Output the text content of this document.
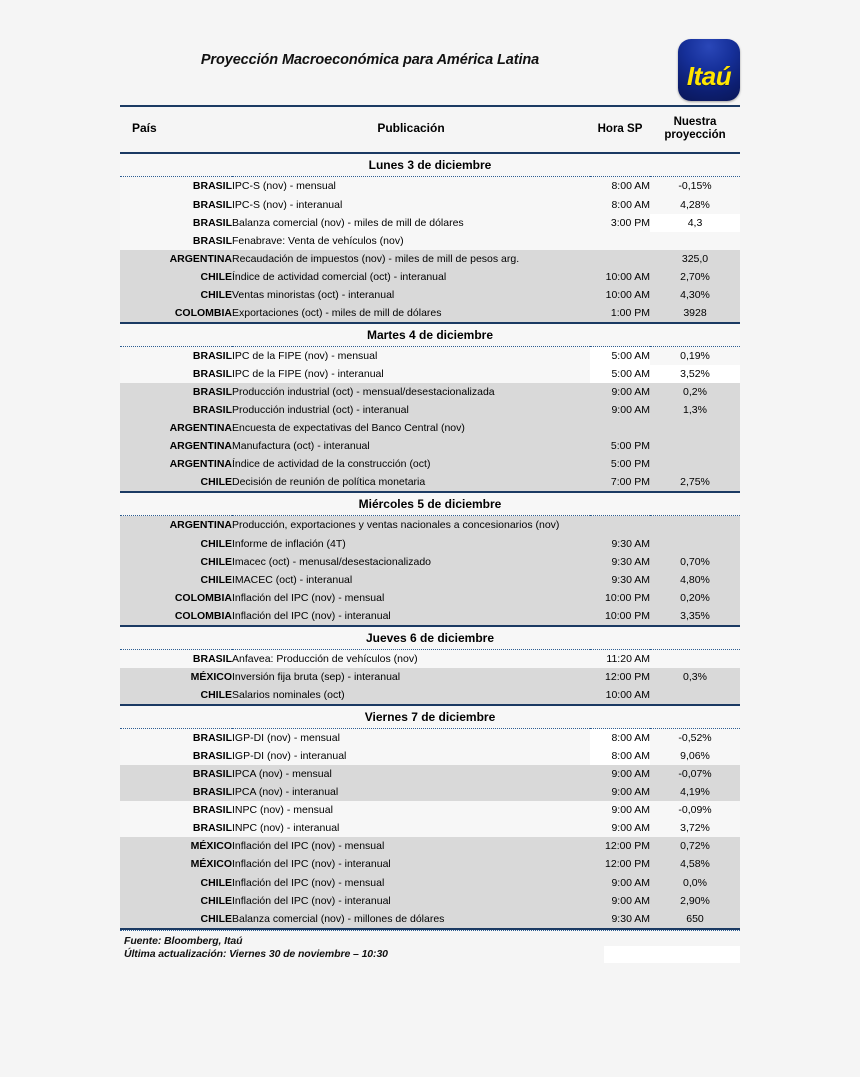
Proyección Macroeconómica para América Latina
Itaú
País	Publicación	Hora SP	Nuestra
proyección

Lunes 3 de diciembre			
BRASIL	IPC-S (nov) - mensual	8:00 AM	-0,15%
BRASIL	IPC-S (nov) - interanual	8:00 AM	4,28%
BRASIL	Balanza comercial (nov) - miles de mill de dólares	3:00 PM	4,3
BRASIL	Fenabrave: Venta de vehículos (nov)		
ARGENTINA	Recaudación de impuestos (nov) - miles de mill de pesos arg.		325,0
CHILE	Índice de actividad comercial (oct) - interanual	10:00 AM	2,70%
CHILE	Ventas minoristas (oct) - interanual	10:00 AM	4,30%
COLOMBIA	Exportaciones (oct) - miles de mill de dólares	1:00 PM	3928
Martes 4 de diciembre			
BRASIL	IPC de la FIPE (nov) - mensual	5:00 AM	0,19%
BRASIL	IPC de la FIPE (nov) - interanual	5:00 AM	3,52%
BRASIL	Producción industrial (oct) - mensual/desestacionalizada	9:00 AM	0,2%
BRASIL	Producción industrial (oct) - interanual	9:00 AM	1,3%
ARGENTINA	Encuesta de expectativas del Banco Central (nov)		
ARGENTINA	Manufactura (oct) - interanual	5:00 PM	
ARGENTINA	Índice de actividad de la construcción (oct)	5:00 PM	
CHILE	Decisión de reunión de política monetaria	7:00 PM	2,75%
Miércoles 5 de diciembre			
ARGENTINA	Producción, exportaciones y ventas nacionales a concesionarios (nov)		
CHILE	Informe de inflación (4T)	9:30 AM	
CHILE	Imacec (oct) - menusal/desestacionalizado	9:30 AM	0,70%
CHILE	IMACEC (oct) - interanual	9:30 AM	4,80%
COLOMBIA	Inflación del IPC (nov) - mensual	10:00 PM	0,20%
COLOMBIA	Inflación del IPC (nov) - interanual	10:00 PM	3,35%
Jueves 6 de diciembre			
BRASIL	Anfavea: Producción de vehículos (nov)	11:20 AM	
MÉXICO	Inversión fija bruta (sep) - interanual	12:00 PM	0,3%
CHILE	Salarios nominales (oct)	10:00 AM	
Viernes 7 de diciembre			
BRASIL	IGP-DI (nov) - mensual	8:00 AM	-0,52%
BRASIL	IGP-DI (nov) - interanual	8:00 AM	9,06%
BRASIL	IPCA (nov) - mensual	9:00 AM	-0,07%
BRASIL	IPCA (nov) - interanual	9:00 AM	4,19%
BRASIL	INPC (nov) - mensual	9:00 AM	-0,09%
BRASIL	INPC (nov) - interanual	9:00 AM	3,72%
MÉXICO	Inflación del IPC (nov) - mensual	12:00 PM	0,72%
MÉXICO	Inflación del IPC (nov) - interanual	12:00 PM	4,58%
CHILE	Inflación del IPC (nov) - mensual	9:00 AM	0,0%
CHILE	Inflación del IPC (nov) - interanual	9:00 AM	2,90%
CHILE	Balanza comercial (nov) - millones de dólares	9:30 AM	650

Fuente: Bloomberg, Itaú

Última actualización: Viernes 30 de noviembre – 10:30
